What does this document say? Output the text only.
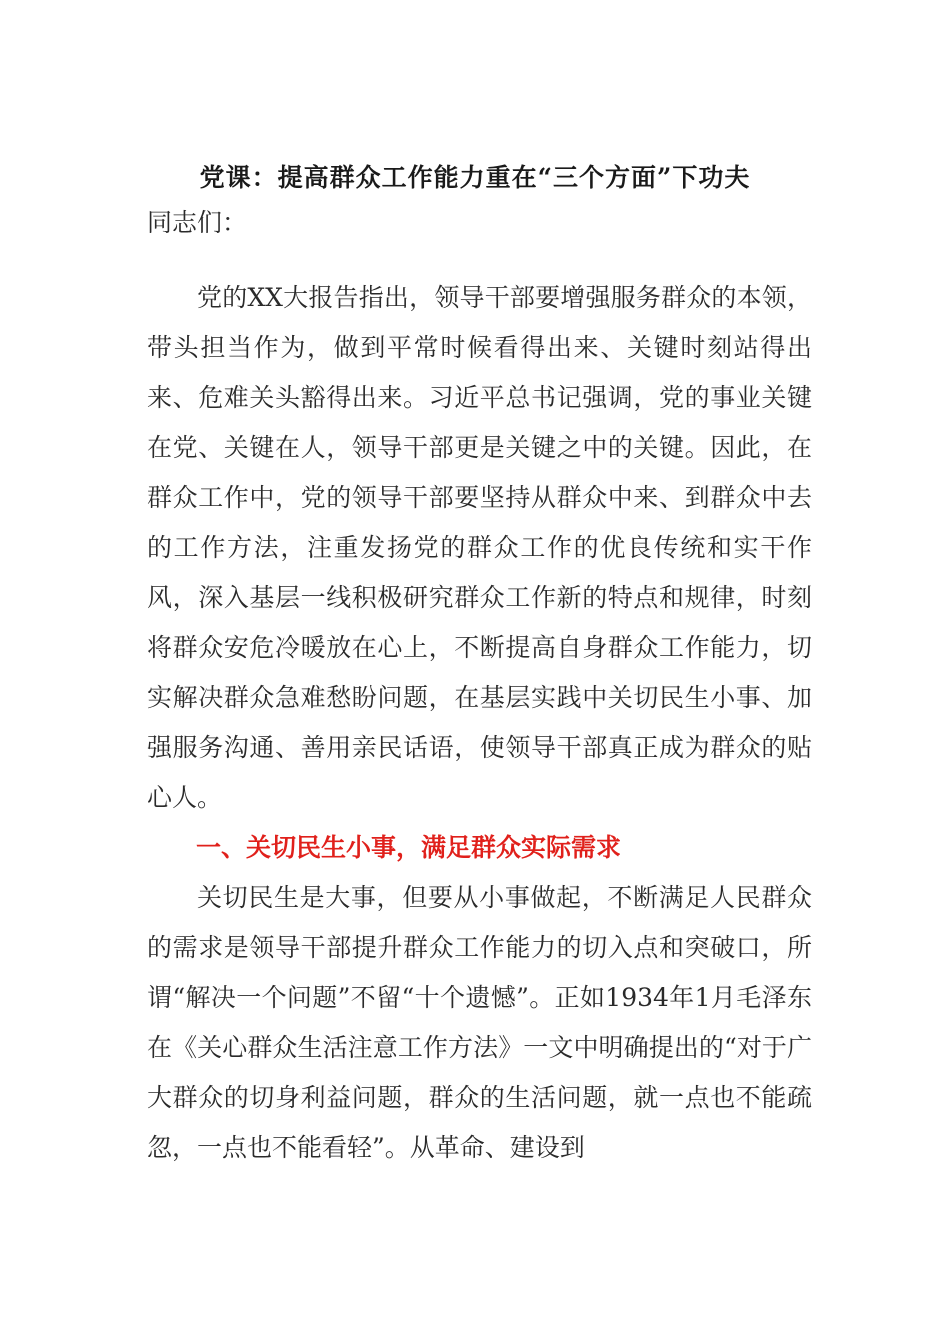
党课：提高群众工作能力重在“三个方面”下功夫

同志们：

党的XX大报告指出，领导干部要增强服务群众的本领，带头担当作为，做到平常时候看得出来、关键时刻站得出来、危难关头豁得出来。习近平总书记强调，党的事业关键在党、关键在人，领导干部更是关键之中的关键。因此，在群众工作中，党的领导干部要坚持从群众中来、到群众中去的工作方法，注重发扬党的群众工作的优良传统和实干作风，深入基层一线积极研究群众工作新的特点和规律，时刻将群众安危冷暖放在心上，不断提高自身群众工作能力，切实解决群众急难愁盼问题，在基层实践中关切民生小事、加强服务沟通、善用亲民话语，使领导干部真正成为群众的贴心人。

一、关切民生小事，满足群众实际需求

关切民生是大事，但要从小事做起，不断满足人民群众的需求是领导干部提升群众工作能力的切入点和突破口，所谓“解决一个问题”不留“十个遗憾”。正如1934年1月毛泽东在《关心群众生活注意工作方法》一文中明确提出的“对于广大群众的切身利益问题，群众的生活问题，就一点也不能疏忽，一点也不能看轻”。从革命、建设到
